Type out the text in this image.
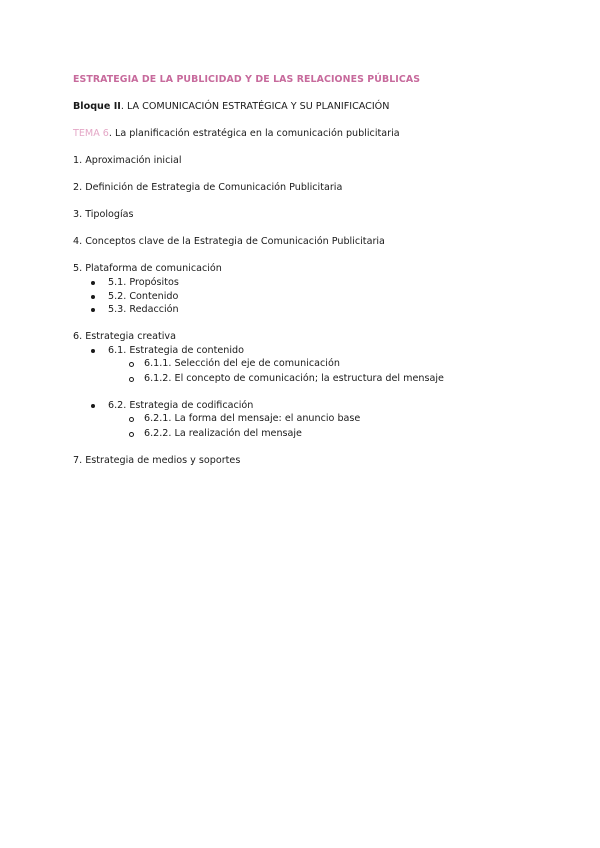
ESTRATEGIA DE LA PUBLICIDAD Y DE LAS RELACIONES PÚBLICAS
Bloque II. LA COMUNICACIÓN ESTRATÉGICA Y SU PLANIFICACIÓN
TEMA 6. La planificación estratégica en la comunicación publicitaria
1. Aproximación inicial
2. Definición de Estrategia de Comunicación Publicitaria
3. Tipologías
4. Conceptos clave de la Estrategia de Comunicación Publicitaria
5. Plataforma de comunicación
5.1. Propósitos
5.2. Contenido
5.3. Redacción
6. Estrategia creativa
6.1. Estrategia de contenido
6.1.1. Selección del eje de comunicación
6.1.2. El concepto de comunicación; la estructura del mensaje
6.2. Estrategia de codificación
6.2.1. La forma del mensaje: el anuncio base
6.2.2. La realización del mensaje
7. Estrategia de medios y soportes
